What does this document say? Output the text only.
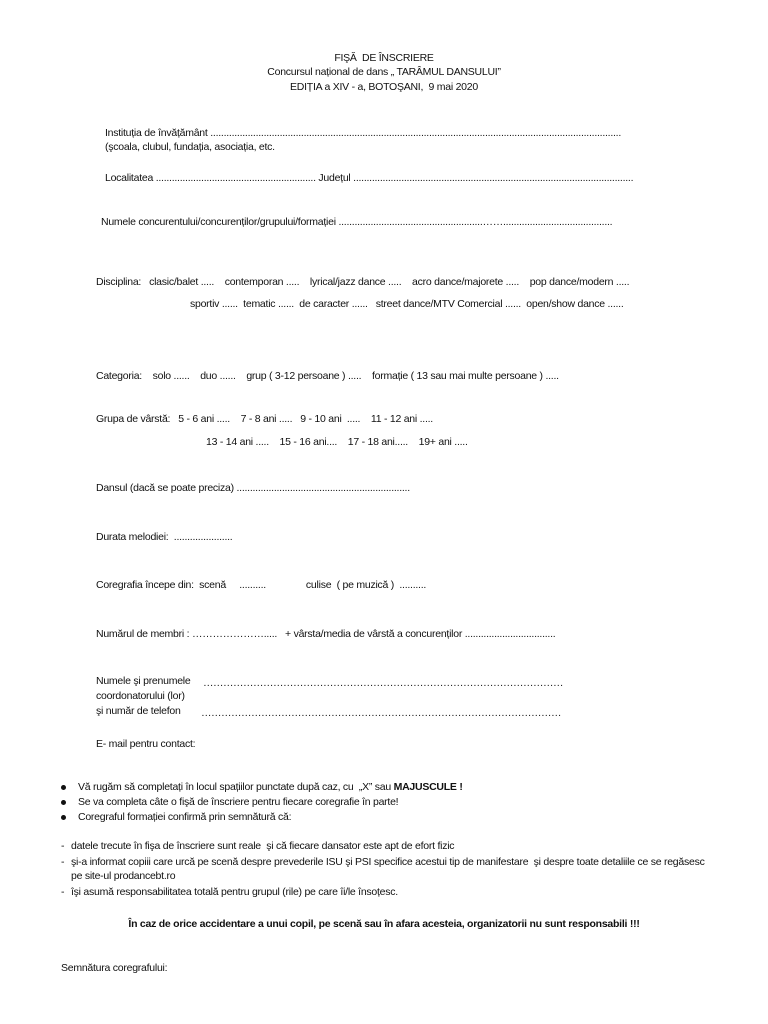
FIŞĂ  DE ÎNSCRIERE
Concursul național de dans „ TARÂMUL DANSULUI”
EDIȚIA a XIV - a, BOTOŞANI,  9 mai 2020
Instituția de învățământ ..........................................................................................................................................................
(şcoala, clubul, fundația, asociația, etc.
Localitatea ............................................................ Județul .........................................................................................................
Numele concurentului/concurenților/grupului/formației ......................................................…….........................................
Disciplina:   clasic/balet .....    contemporan .....    lyrical/jazz dance .....    acro dance/majorete .....    pop dance/modern .....
sportiv ......  tematic ......  de caracter ......   street dance/MTV Comercial ......  open/show dance ......
Categoria:    solo ......    duo ......    grup ( 3-12 persoane ) .....    formație ( 13 sau mai multe persoane ) .....
Grupa de vârstă:   5 - 6 ani .....    7 - 8 ani .....   9 - 10 ani  .....    11 - 12 ani .....
13 - 14 ani .....    15 - 16 ani....    17 - 18 ani.....    19+ ani .....
Dansul (dacă se poate preciza) .................................................................
Durata melodiei:  ......................
Coregrafia începe din:  scenă     ..........               culise  ( pe muzică )  ..........
Numărul de membri : ………………….....   + vârsta/media de vârstă a concurenților ..................................
Numele şi prenumele ………………………………………………………………………………………………
coordonatorului (lor)
şi număr de telefon ………………………………………………………………………………………………
E- mail pentru contact:
Vă rugăm să completați în locul spațiilor punctate după caz, cu  „X” sau MAJUSCULE !
Se va completa câte o fişă de înscriere pentru fiecare coregrafie în parte!
Coregraful formației confirmă prin semnătură că:
- datele trecute în fişa de înscriere sunt reale  şi că fiecare dansator este apt de efort fizic
- şi-a informat copiii care urcă pe scenă despre prevederile ISU şi PSI specifice acestui tip de manifestare  şi despre toate detaliile ce se regăsesc
pe site-ul prodancebt.ro
- îşi asumă responsabilitatea totală pentru grupul (rile) pe care îi/le însoțesc.
În caz de orice accidentare a unui copil, pe scenă sau în afara acesteia, organizatorii nu sunt responsabili !!!
Semnătura coregrafului:
